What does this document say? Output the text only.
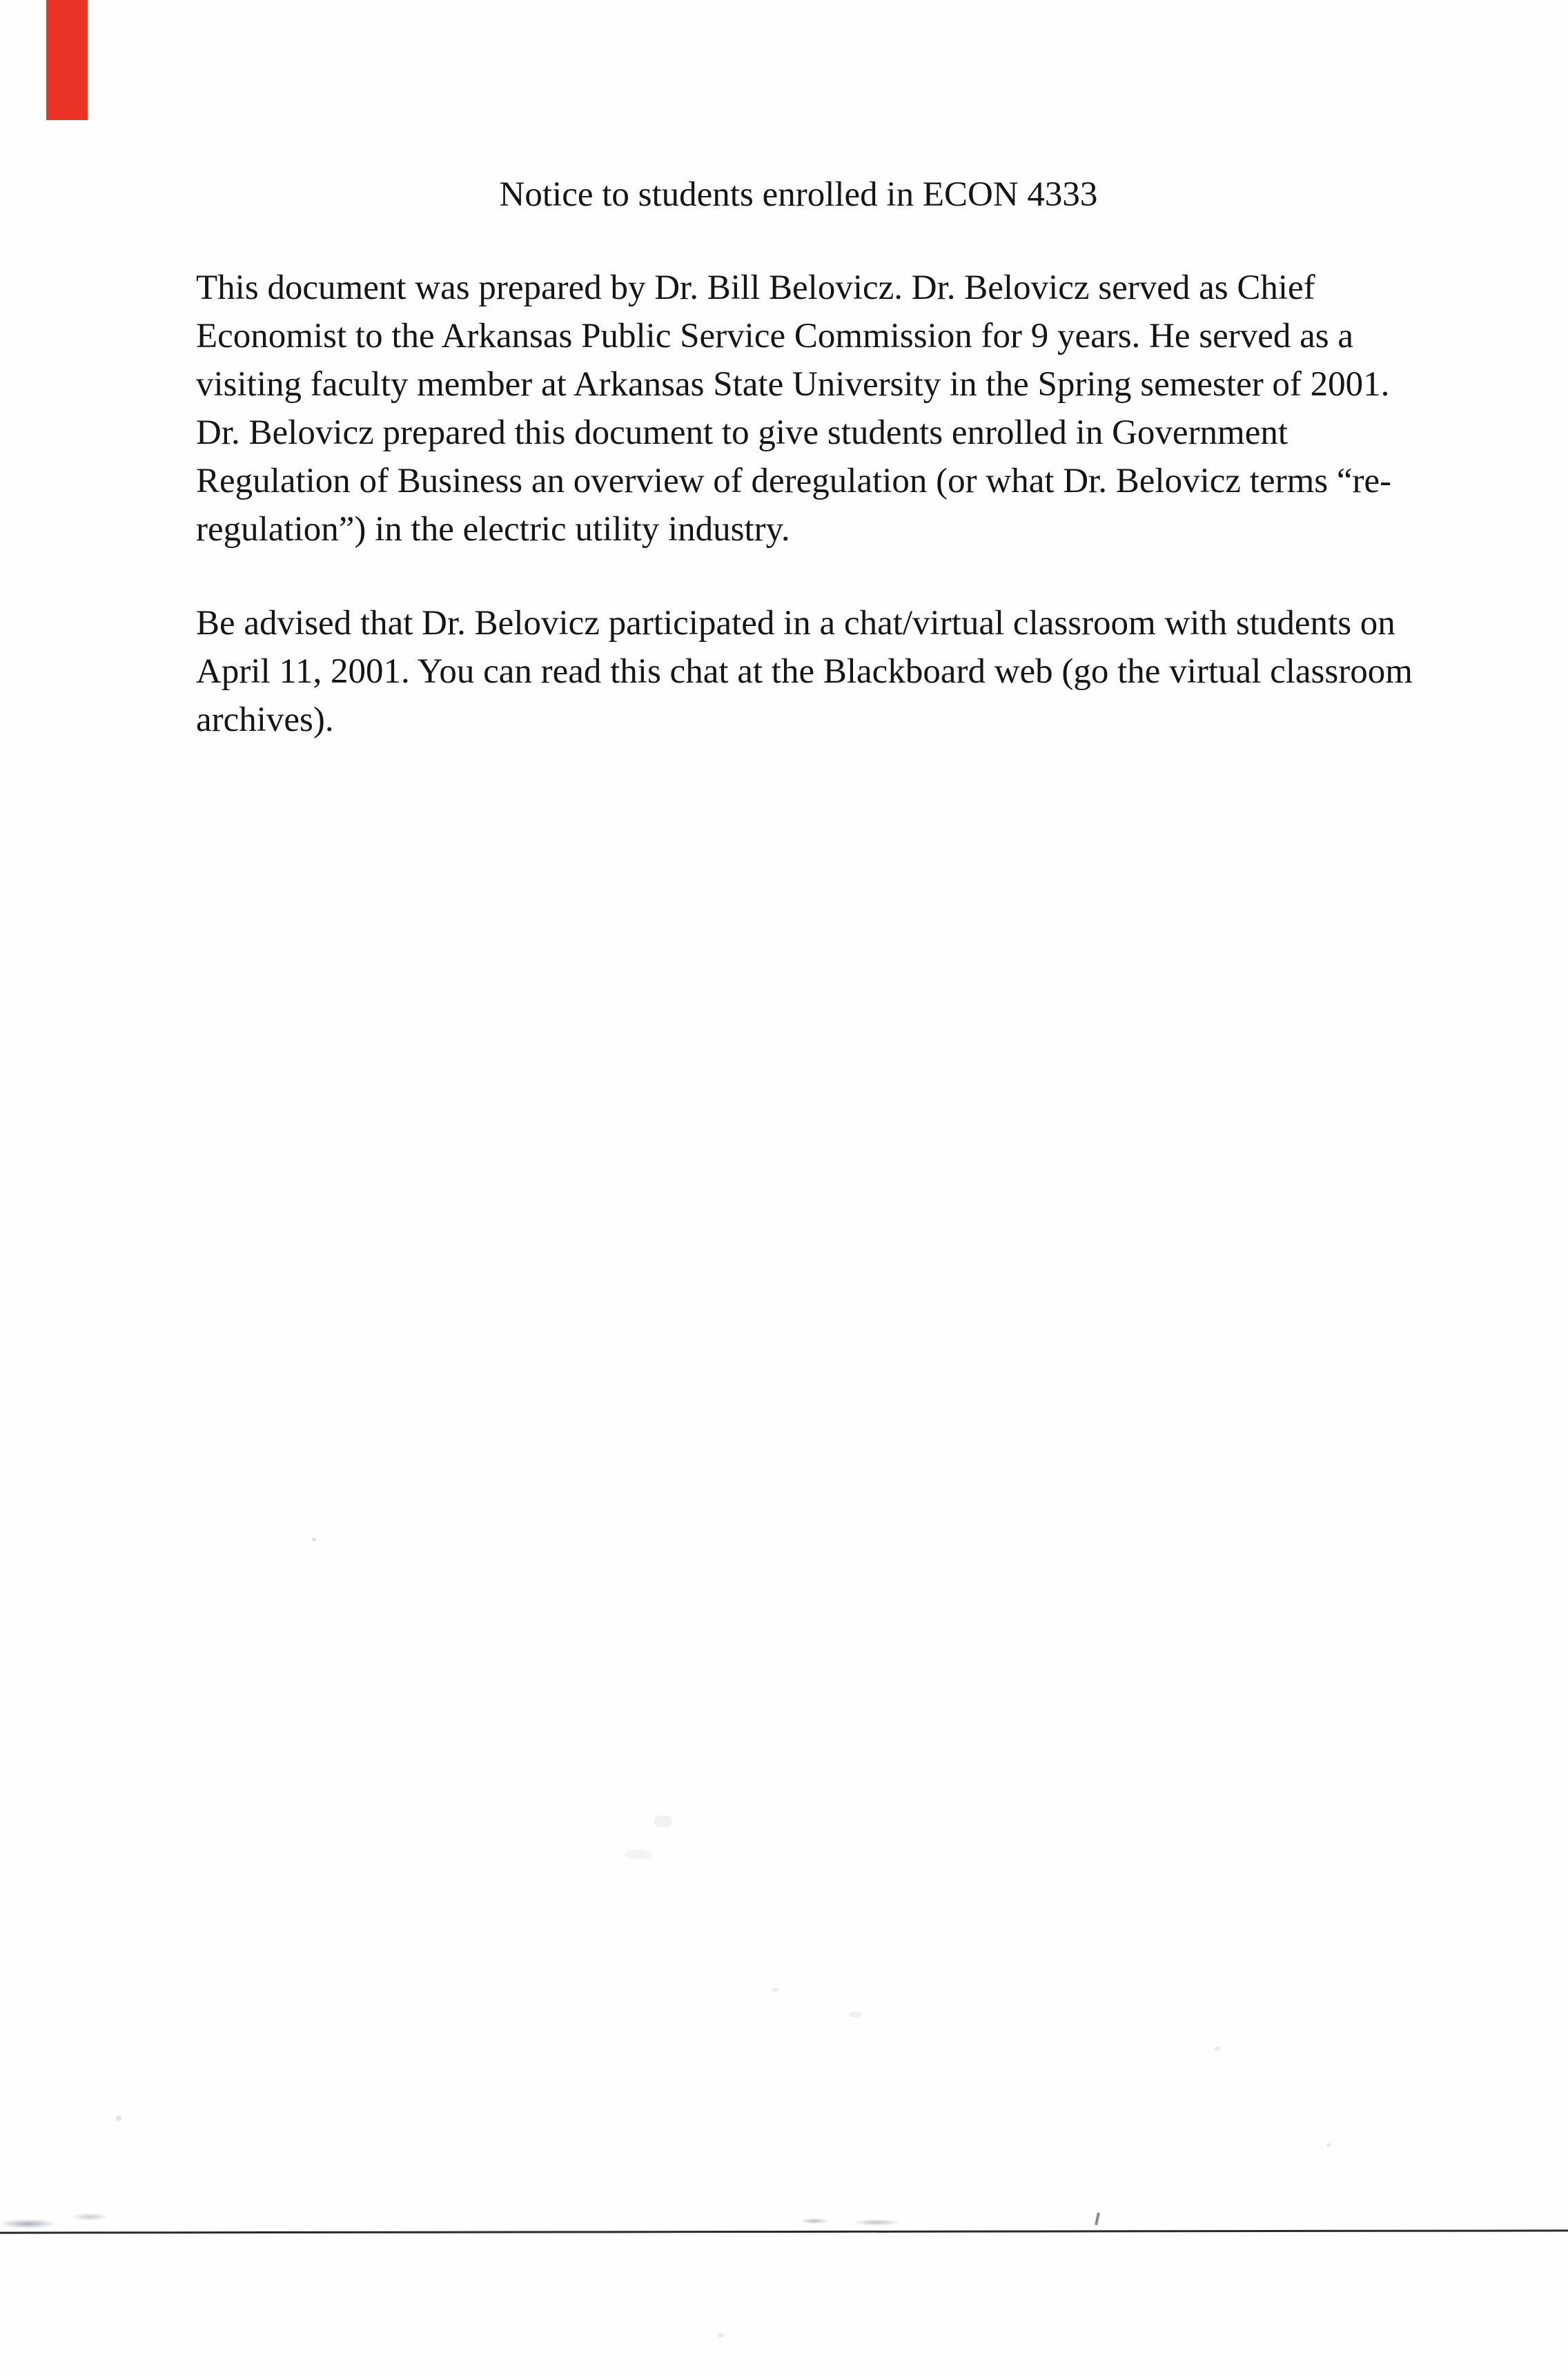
Notice to students enrolled in ECON 4333

This document was prepared by Dr. Bill Belovicz. Dr. Belovicz served as Chief Economist to the Arkansas Public Service Commission for 9 years. He served as a visiting faculty member at Arkansas State University in the Spring semester of 2001. Dr. Belovicz prepared this document to give students enrolled in Government Regulation of Business an overview of deregulation (or what Dr. Belovicz terms “re-regulation”) in the electric utility industry.

Be advised that Dr. Belovicz participated in a chat/virtual classroom with students on April 11, 2001. You can read this chat at the Blackboard web (go the virtual classroom archives).
